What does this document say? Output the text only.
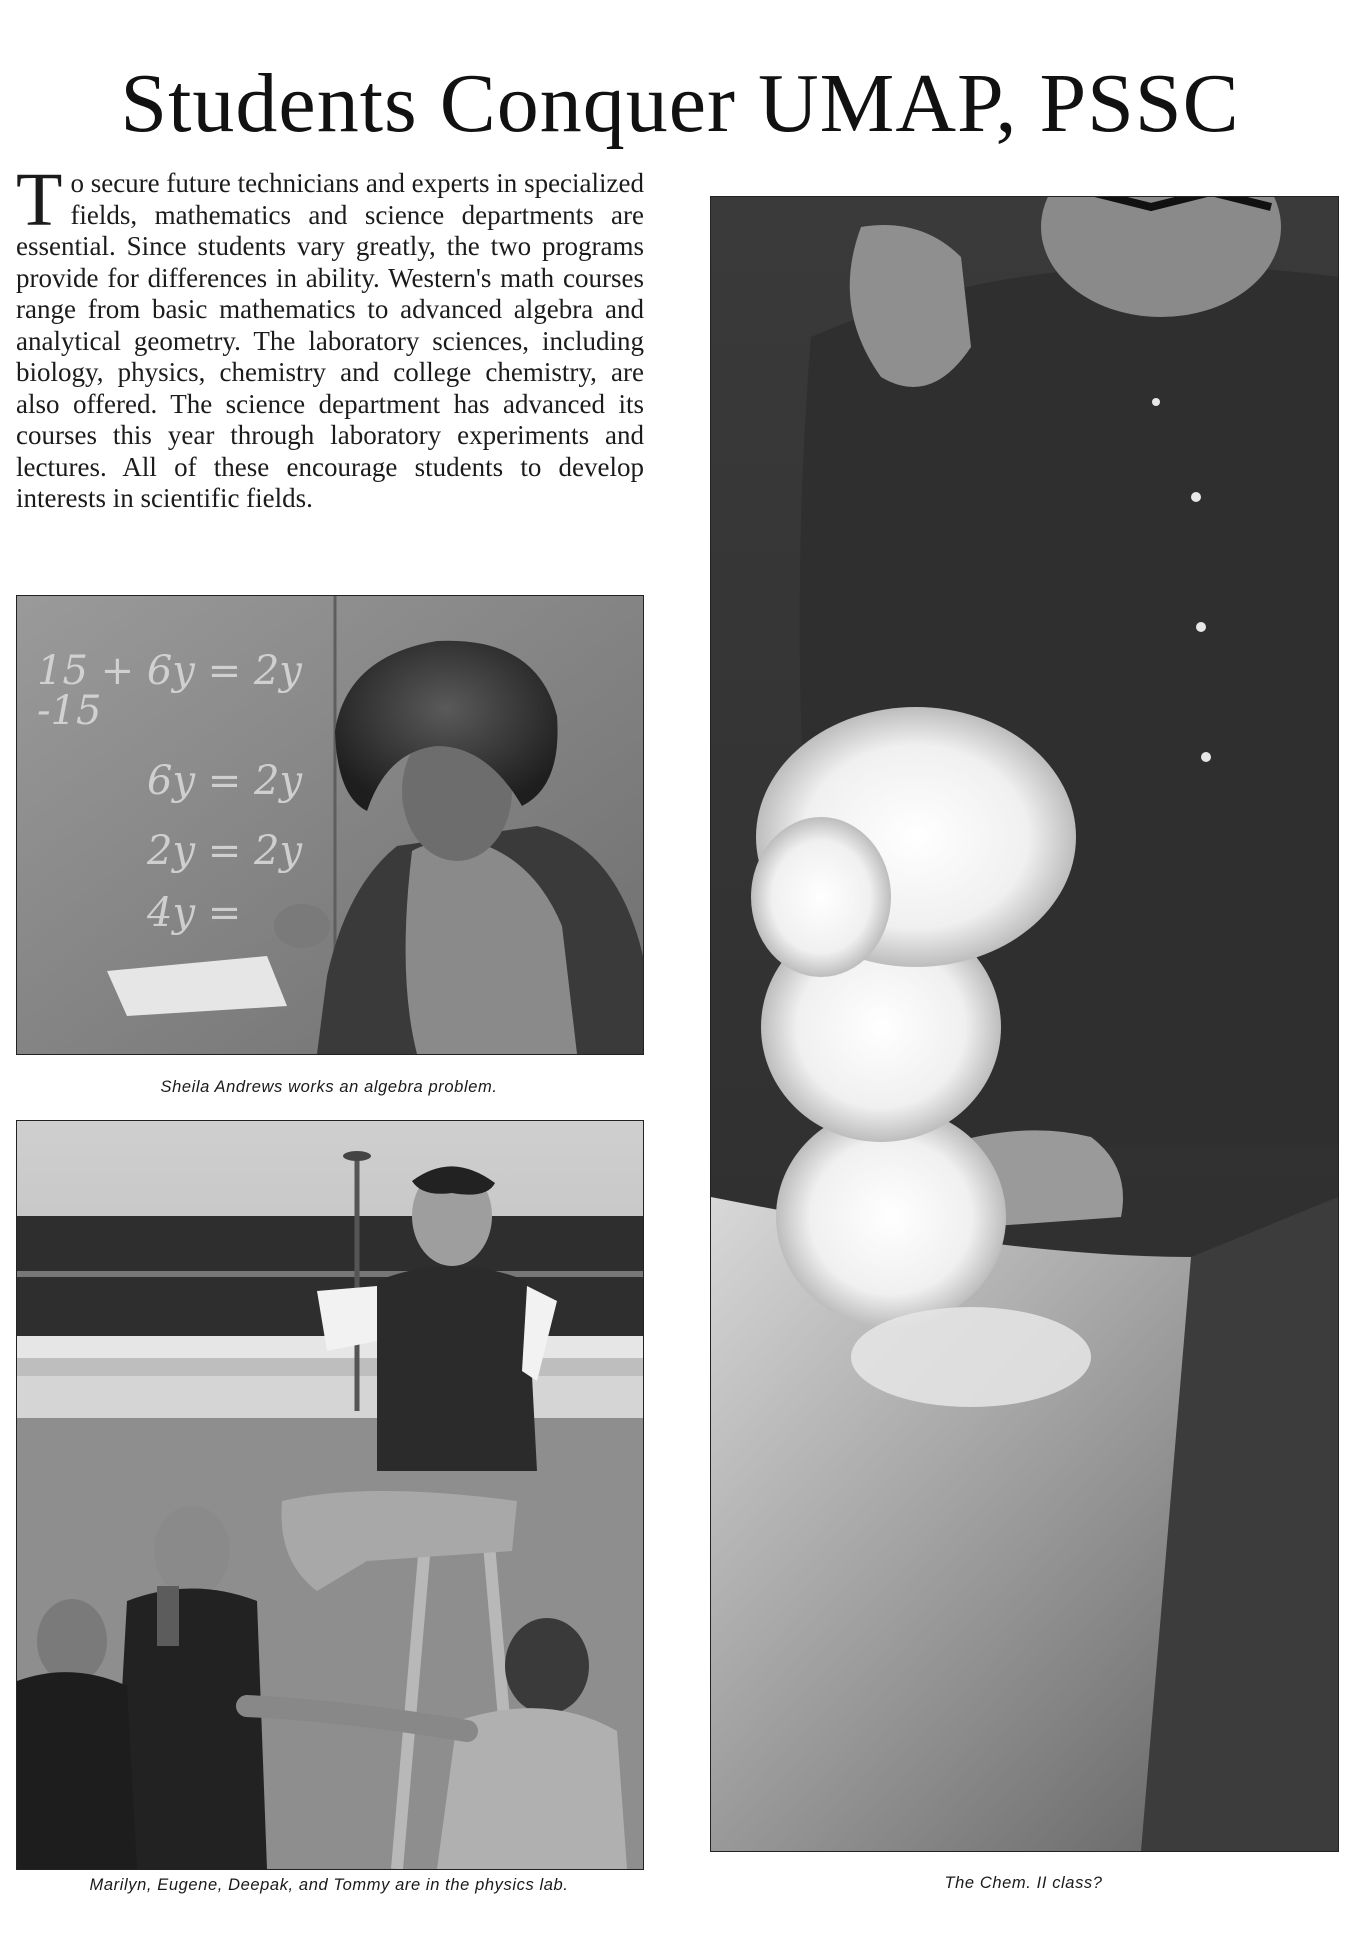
Students Conquer UMAP, PSSC
To secure future technicians and experts in specialized fields, mathematics and science departments are essential. Since students vary greatly, the two programs provide for differences in ability. Western's math courses range from basic mathematics to advanced algebra and analytical geometry. The laboratory sciences, including biology, physics, chemistry and college chemistry, are also offered. The science department has advanced its courses this year through laboratory experiments and lectures. All of these encourage students to develop interests in scientific fields.
15 + 6y = 2y
-15
6y = 2y
2y = 2y
4y =
Sheila Andrews works an algebra problem.
Marilyn, Eugene, Deepak, and Tommy are in the physics lab.	The Chem. II class?
